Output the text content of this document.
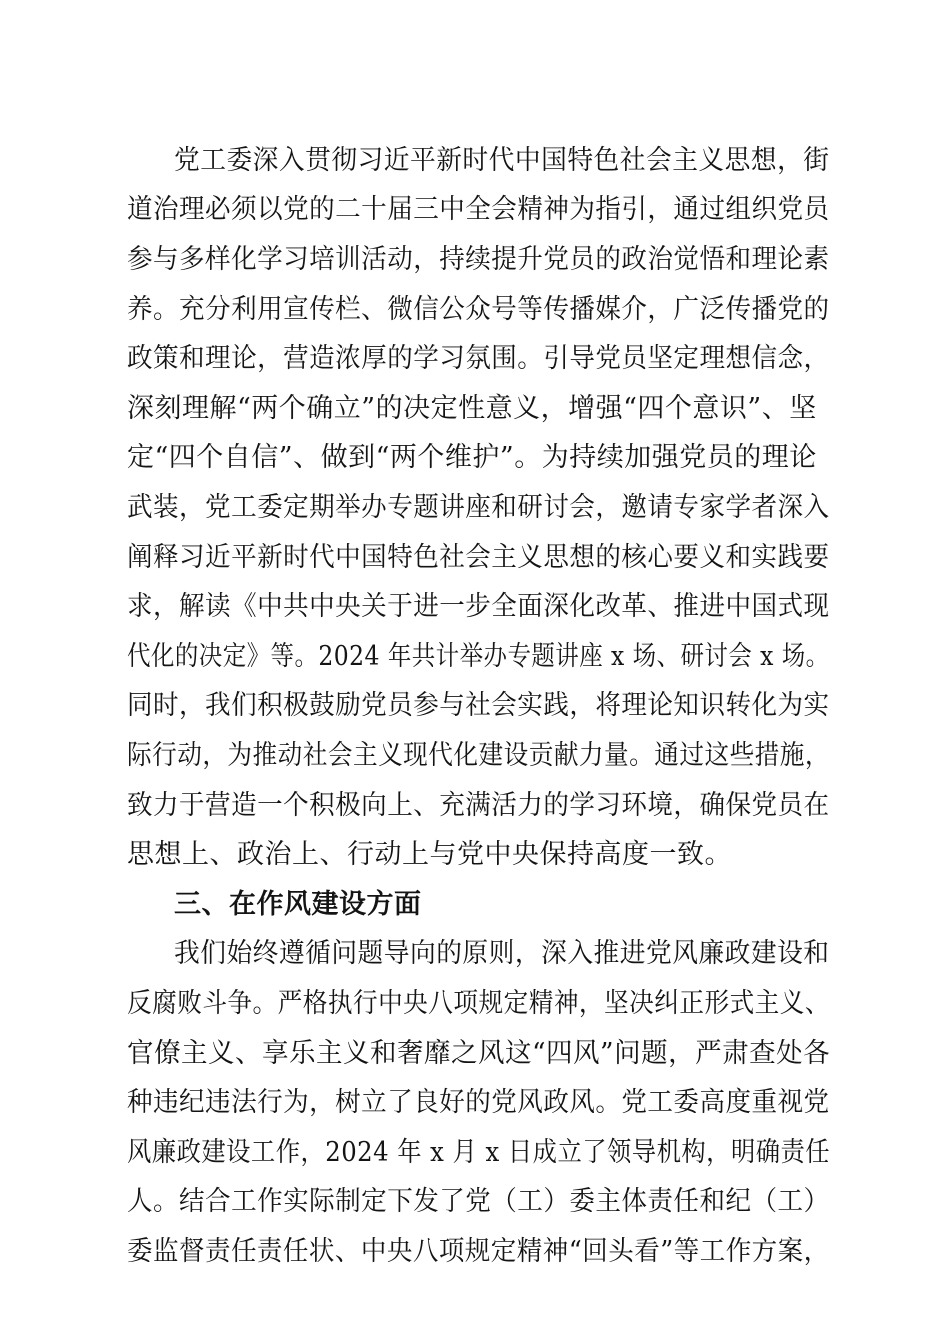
党工委深入贯彻习近平新时代中国特色社会主义思想，街
道治理必须以党的二十届三中全会精神为指引，通过组织党员
参与多样化学习培训活动，持续提升党员的政治觉悟和理论素
养。充分利用宣传栏、微信公众号等传播媒介，广泛传播党的
政策和理论，营造浓厚的学习氛围。引导党员坚定理想信念，
深刻理解“两个确立”的决定性意义，增强“四个意识”、坚
定“四个自信”、做到“两个维护”。为持续加强党员的理论
武装，党工委定期举办专题讲座和研讨会，邀请专家学者深入
阐释习近平新时代中国特色社会主义思想的核心要义和实践要
求，解读《中共中央关于进一步全面深化改革、推进中国式现
代化的决定》等。2024 年共计举办专题讲座 x 场、研讨会 x 场。
同时，我们积极鼓励党员参与社会实践，将理论知识转化为实
际行动，为推动社会主义现代化建设贡献力量。通过这些措施，
致力于营造一个积极向上、充满活力的学习环境，确保党员在
思想上、政治上、行动上与党中央保持高度一致。
三、在作风建设方面
我们始终遵循问题导向的原则，深入推进党风廉政建设和
反腐败斗争。严格执行中央八项规定精神，坚决纠正形式主义、
官僚主义、享乐主义和奢靡之风这“四风”问题，严肃查处各
种违纪违法行为，树立了良好的党风政风。党工委高度重视党
风廉政建设工作，2024 年 x 月 x 日成立了领导机构，明确责任
人。结合工作实际制定下发了党（工）委主体责任和纪（工）
委监督责任责任状、中央八项规定精神“回头看”等工作方案，
